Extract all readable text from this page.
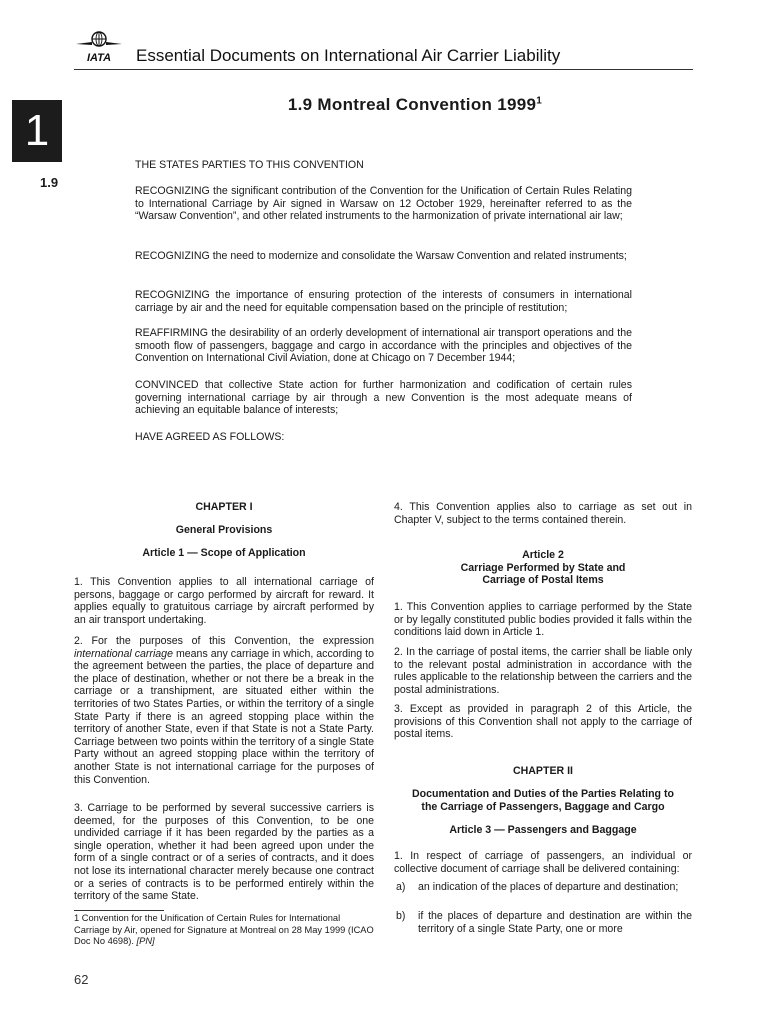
IATA Essential Documents on International Air Carrier Liability
1
1.9
1.9 Montreal Convention 1999$^1$

THE STATES PARTIES TO THIS CONVENTION

RECOGNIZING the significant contribution of the Convention for the Unification of Certain Rules Relating to International Carriage by Air signed in Warsaw on 12 October 1929, hereinafter referred to as the “Warsaw Convention”, and other related instruments to the harmonization of private international air law;

RECOGNIZING the need to modernize and consolidate the Warsaw Convention and related instruments;

RECOGNIZING the importance of ensuring protection of the interests of consumers in international carriage by air and the need for equitable compensation based on the principle of restitution;

REAFFIRMING the desirability of an orderly development of international air transport operations and the smooth flow of passengers, baggage and cargo in accordance with the principles and objectives of the Convention on International Civil Aviation, done at Chicago on 7 December 1944;

CONVINCED that collective State action for further harmonization and codification of certain rules governing international carriage by air through a new Convention is the most adequate means of achieving an equitable balance of interests;

HAVE AGREED AS FOLLOWS:

CHAPTER I

General Provisions

Article 1 — Scope of Application

1. This Convention applies to all international carriage of persons, baggage or cargo performed by aircraft for reward. It applies equally to gratuitous carriage by aircraft performed by an air transport undertaking.

2. For the purposes of this Convention, the expression international carriage means any carriage in which, according to the agreement between the parties, the place of departure and the place of destination, whether or not there be a break in the carriage or a transhipment, are situated either within the territories of two States Parties, or within the territory of a single State Party if there is an agreed stopping place within the territory of another State, even if that State is not a State Party. Carriage between two points within the territory of a single State Party without an agreed stopping place within the territory of another State is not international carriage for the purposes of this Convention.

3. Carriage to be performed by several successive carriers is deemed, for the purposes of this Convention, to be one undivided carriage if it has been regarded by the parties as a single operation, whether it had been agreed upon under the form of a single contract or of a series of contracts, and it does not lose its international character merely because one contract or a series of contracts is to be performed entirely within the territory of the same State.

1 Convention for the Unification of Certain Rules for International Carriage by Air, opened for Signature at Montreal on 28 May 1999 (ICAO Doc No 4698). [PN]

4. This Convention applies also to carriage as set out in Chapter V, subject to the terms contained therein.

Article 2

Carriage Performed by State and

Carriage of Postal Items

1. This Convention applies to carriage performed by the State or by legally constituted public bodies provided it falls within the conditions laid down in Article 1.

2. In the carriage of postal items, the carrier shall be liable only to the relevant postal administration in accordance with the rules applicable to the relationship between the carriers and the postal administrations.

3. Except as provided in paragraph 2 of this Article, the provisions of this Convention shall not apply to the carriage of postal items.

CHAPTER II

Documentation and Duties of the Parties Relating to

the Carriage of Passengers, Baggage and Cargo

Article 3 — Passengers and Baggage

1. In respect of carriage of passengers, an individual or collective document of carriage shall be delivered containing:

a)	an indication of the places of departure and destination;
b)	if the places of departure and destination are within the territory of a single State Party, one or more
62
